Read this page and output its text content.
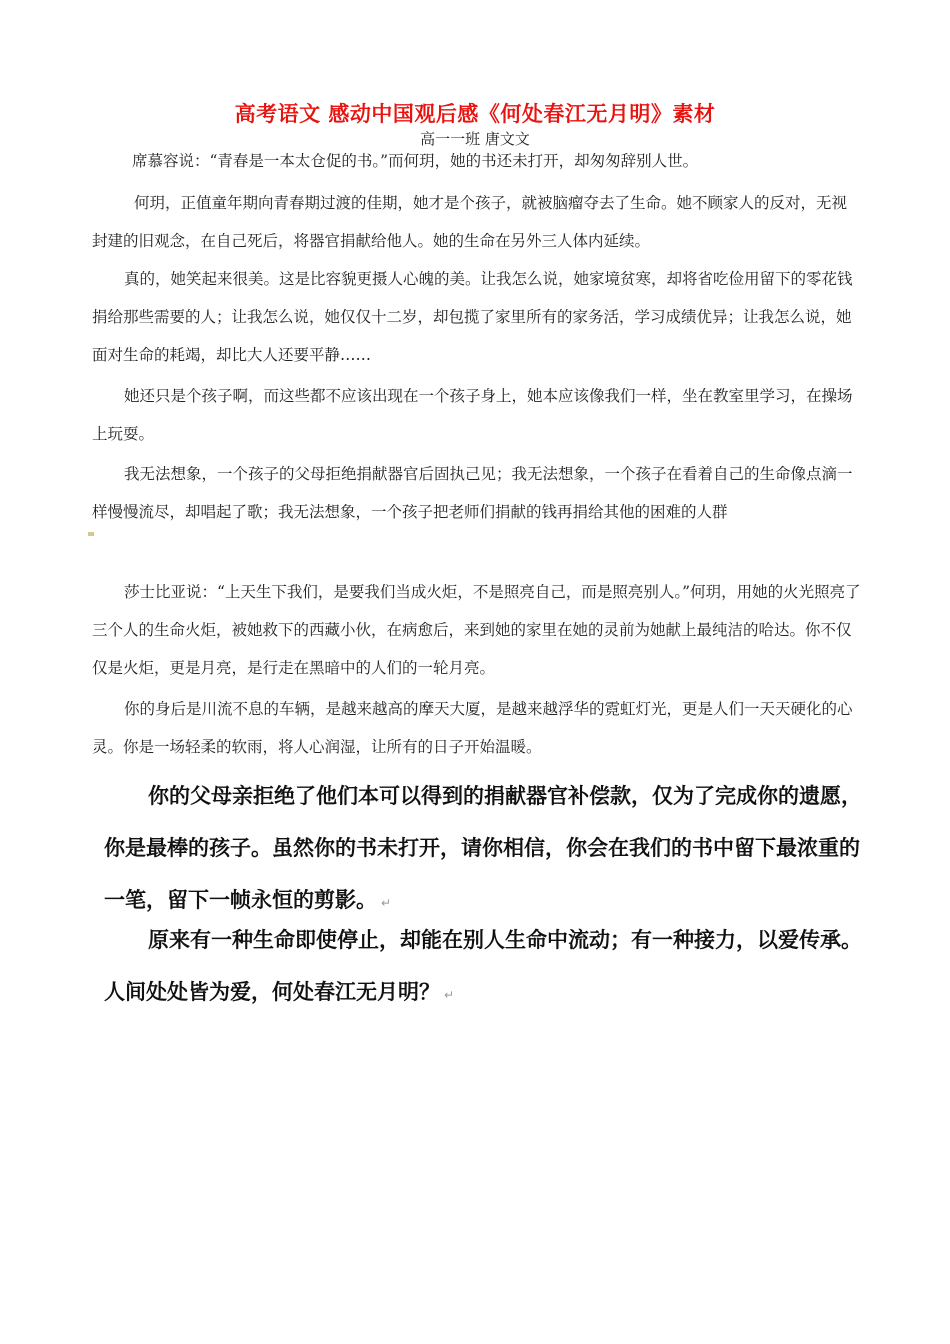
高考语文 感动中国观后感《何处春江无月明》素材
高一一班 唐文文
席慕容说：“青春是一本太仓促的书。”而何玥，她的书还未打开，却匆匆辞别人世。
何玥，正值童年期向青春期过渡的佳期，她才是个孩子，就被脑瘤夺去了生命。她不顾家人的反对，无视封建的旧观念，在自己死后，将器官捐献给他人。她的生命在另外三人体内延续。
真的，她笑起来很美。这是比容貌更摄人心魄的美。让我怎么说，她家境贫寒，却将省吃俭用留下的零花钱捐给那些需要的人；让我怎么说，她仅仅十二岁，却包揽了家里所有的家务活，学习成绩优异；让我怎么说，她面对生命的耗竭，却比大人还要平静……
她还只是个孩子啊，而这些都不应该出现在一个孩子身上，她本应该像我们一样，坐在教室里学习，在操场上玩耍。
我无法想象，一个孩子的父母拒绝捐献器官后固执己见；我无法想象，一个孩子在看着自己的生命像点滴一样慢慢流尽，却唱起了歌；我无法想象，一个孩子把老师们捐献的钱再捐给其他的困难的人群
莎士比亚说：“上天生下我们，是要我们当成火炬，不是照亮自己，而是照亮别人。”何玥，用她的火光照亮了三个人的生命火炬，被她救下的西藏小伙，在病愈后，来到她的家里在她的灵前为她献上最纯洁的哈达。你不仅仅是火炬，更是月亮，是行走在黑暗中的人们的一轮月亮。
你的身后是川流不息的车辆，是越来越高的摩天大厦，是越来越浮华的霓虹灯光，更是人们一天天硬化的心灵。你是一场轻柔的软雨，将人心润湿，让所有的日子开始温暖。
你的父母亲拒绝了他们本可以得到的捐献器官补偿款，仅为了完成你的遗愿，你是最棒的孩子。虽然你的书未打开，请你相信，你会在我们的书中留下最浓重的一笔，留下一帧永恒的剪影。 ↵
原来有一种生命即使停止，却能在别人生命中流动；有一种接力，以爱传承。人间处处皆为爱，何处春江无月明？ ↵
